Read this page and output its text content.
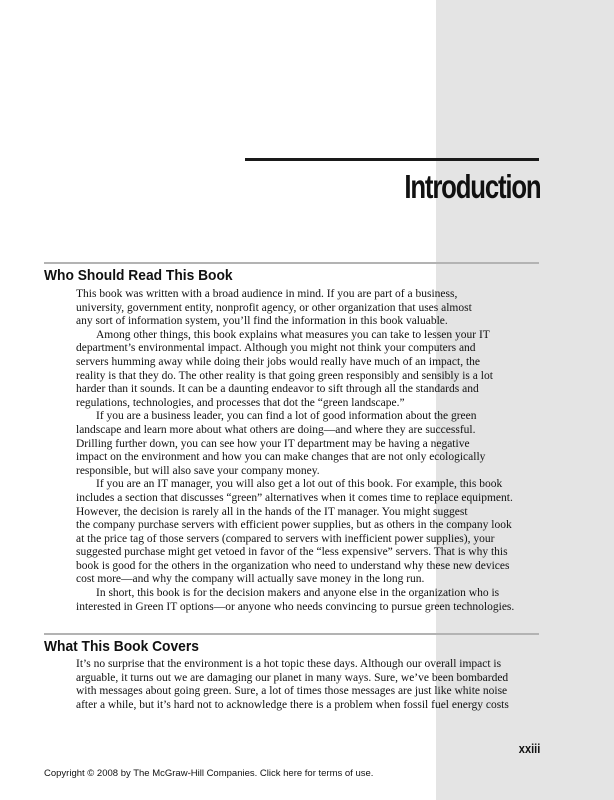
Introduction
Who Should Read This Book
This book was written with a broad audience in mind. If you are part of a business,
university, government entity, nonprofit agency, or other organization that uses almost
any sort of information system, you’ll find the information in this book valuable.
Among other things, this book explains what measures you can take to lessen your IT
department’s environmental impact. Although you might not think your computers and
servers humming away while doing their jobs would really have much of an impact, the
reality is that they do. The other reality is that going green responsibly and sensibly is a lot
harder than it sounds. It can be a daunting endeavor to sift through all the standards and
regulations, technologies, and processes that dot the “green landscape.”
If you are a business leader, you can find a lot of good information about the green
landscape and learn more about what others are doing—and where they are successful.
Drilling further down, you can see how your IT department may be having a negative
impact on the environment and how you can make changes that are not only ecologically
responsible, but will also save your company money.
If you are an IT manager, you will also get a lot out of this book. For example, this book
includes a section that discusses “green” alternatives when it comes time to replace equipment.
However, the decision is rarely all in the hands of the IT manager. You might suggest
the company purchase servers with efficient power supplies, but as others in the company look
at the price tag of those servers (compared to servers with inefficient power supplies), your
suggested purchase might get vetoed in favor of the “less expensive” servers. That is why this
book is good for the others in the organization who need to understand why these new devices
cost more—and why the company will actually save money in the long run.
In short, this book is for the decision makers and anyone else in the organization who is
interested in Green IT options—or anyone who needs convincing to pursue green technologies.
What This Book Covers
It’s no surprise that the environment is a hot topic these days. Although our overall impact is
arguable, it turns out we are damaging our planet in many ways. Sure, we’ve been bombarded
with messages about going green. Sure, a lot of times those messages are just like white noise
after a while, but it’s hard not to acknowledge there is a problem when fossil fuel energy costs

xxiii

Copyright © 2008 by The McGraw-Hill Companies. Click here for terms of use.
